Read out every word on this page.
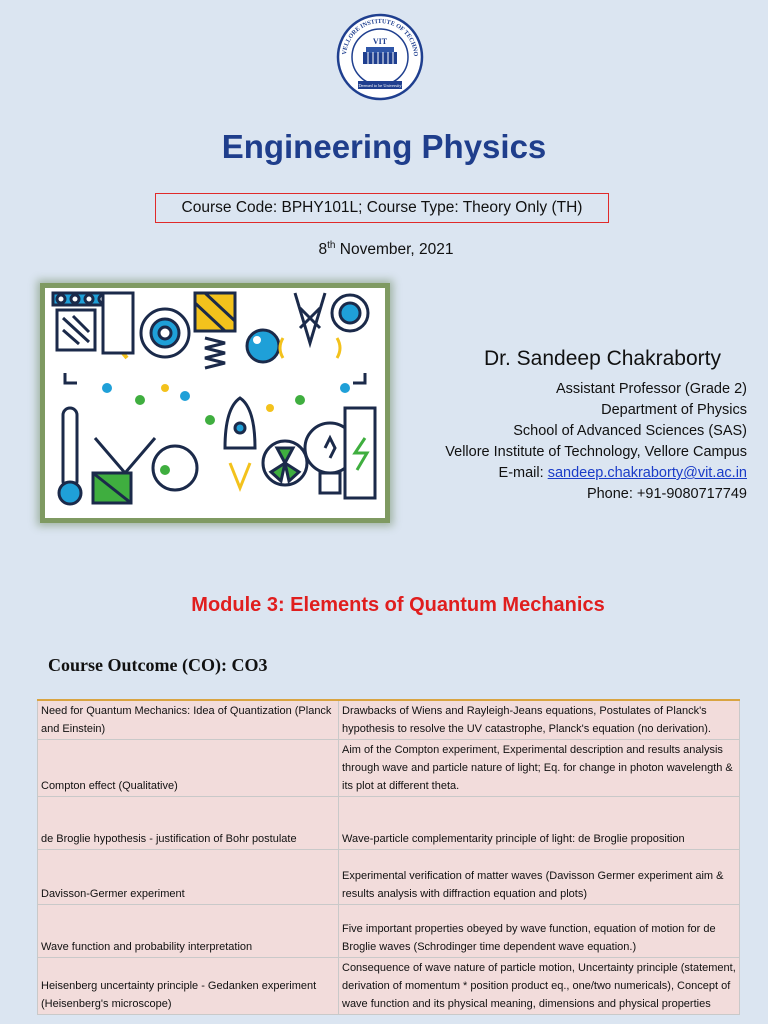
VELLORE INSTITUTE OF TECHNO
VIT
(Deemed to be University)
Engineering Physics
Course Code: BPHY101L; Course Type: Theory Only (TH)
8th November, 2021
Dr. Sandeep Chakraborty
Assistant Professor (Grade 2)
Department of Physics
School of Advanced Sciences (SAS)
Vellore Institute of Technology, Vellore Campus
E-mail: sandeep.chakraborty@vit.ac.in
Phone: +91-9080717749
Module 3: Elements of Quantum Mechanics
Course Outcome (CO): CO3
Need for Quantum Mechanics: Idea of Quantization (Planck and Einstein)	Drawbacks of Wiens and Rayleigh-Jeans equations, Postulates of Planck's hypothesis to resolve the UV catastrophe, Planck's equation (no derivation).
Compton effect (Qualitative)	Aim of the Compton experiment, Experimental description and results analysis through wave and particle nature of light; Eq. for change in photon wavelength & its plot at different theta.
de Broglie hypothesis - justification of Bohr postulate	Wave-particle complementarity principle of light: de Broglie proposition
Davisson-Germer experiment	Experimental verification of matter waves (Davisson Germer experiment aim & results analysis with diffraction equation and plots)
Wave function and probability interpretation	Five important properties obeyed by wave function, equation of motion for de Broglie waves (Schrodinger time dependent wave equation.)
Heisenberg uncertainty principle - Gedanken experiment (Heisenberg's microscope)	Consequence of wave nature of particle motion, Uncertainty principle (statement, derivation of momentum * position product eq., one/two numericals), Concept of wave function and its physical meaning, dimensions and physical properties
